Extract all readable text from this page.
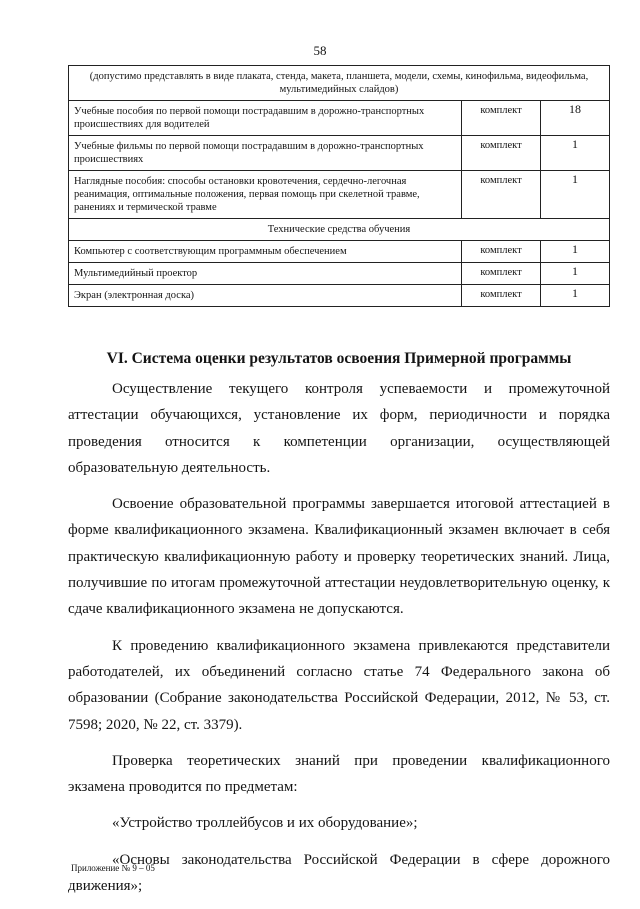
58
(допустимо представлять в виде плаката, стенда, макета, планшета, модели, схемы, кинофильма, видеофильма, мультимедийных слайдов)		
Учебные пособия по первой помощи пострадавшим в дорожно-транспортных происшествиях для водителей	комплект	18
Учебные фильмы по первой помощи пострадавшим в дорожно-транспортных происшествиях	комплект	1
Наглядные пособия: способы остановки кровотечения, сердечно-легочная реанимация, оптимальные положения, первая помощь при скелетной травме, ранениях и термической травме	комплект	1
Технические средства обучения		
Компьютер с соответствующим программным обеспечением	комплект	1
Мультимедийный проектор	комплект	1
Экран (электронная доска)	комплект	1
VI. Система оценки результатов освоения Примерной программы

Осуществление текущего контроля успеваемости и промежуточной аттестации обучающихся, установление их форм, периодичности и порядка проведения относится к компетенции организации, осуществляющей образовательную деятельность.

Освоение образовательной программы завершается итоговой аттестацией в форме квалификационного экзамена. Квалификационный экзамен включает в себя практическую квалификационную работу и проверку теоретических знаний. Лица, получившие по итогам промежуточной аттестации неудовлетворительную оценку, к сдаче квалификационного экзамена не допускаются.

К проведению квалификационного экзамена привлекаются представители работодателей, их объединений согласно статье 74 Федерального закона об образовании (Собрание законодательства Российской Федерации, 2012, № 53, ст. 7598; 2020, № 22, ст. 3379).

Проверка теоретических знаний при проведении квалификационного экзамена проводится по предметам:

«Устройство троллейбусов и их оборудование»;

«Основы законодательства Российской Федерации в сфере дорожного движения»;

Приложение № 9 – 05
